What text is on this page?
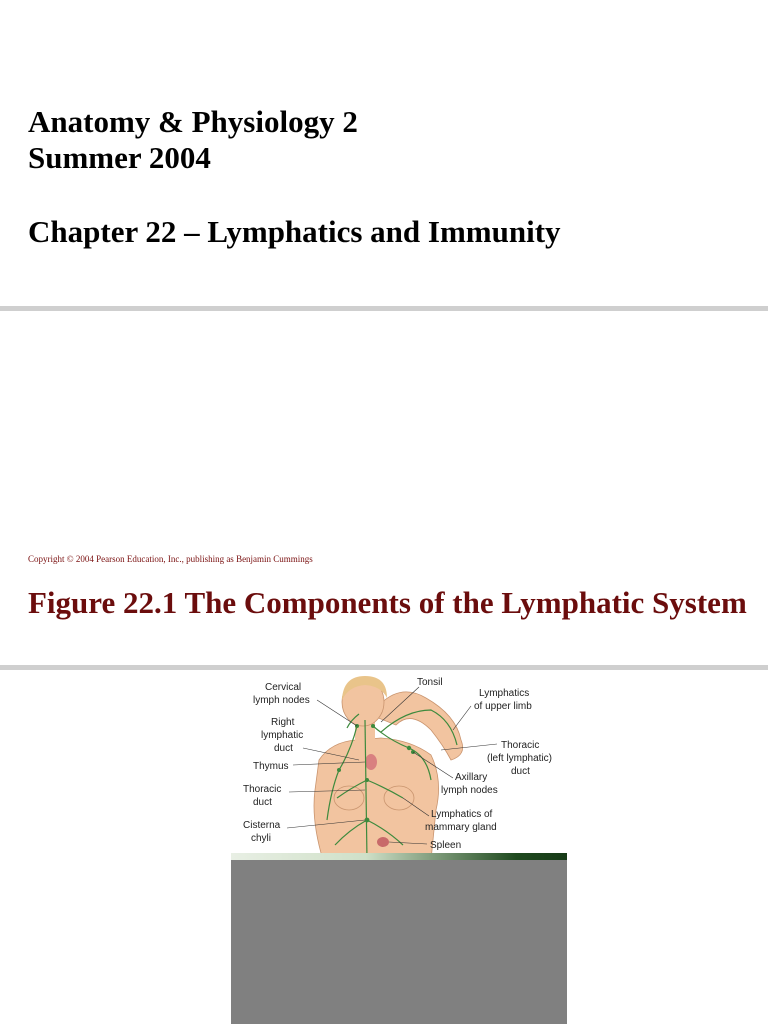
Anatomy & Physiology 2
Summer 2004
Chapter 22 – Lymphatics and Immunity
Copyright © 2004 Pearson Education, Inc., publishing as Benjamin Cummings
Figure 22.1 The Components of the Lymphatic System
Cervical
lymph nodes
Right
lymphatic
duct
Thymus
Thoracic
duct
Cisterna
chyli
Tonsil
Lymphatics
of upper limb
Thoracic
(left lymphatic)
duct
Axillary
lymph nodes
Lymphatics of
mammary gland
Spleen
